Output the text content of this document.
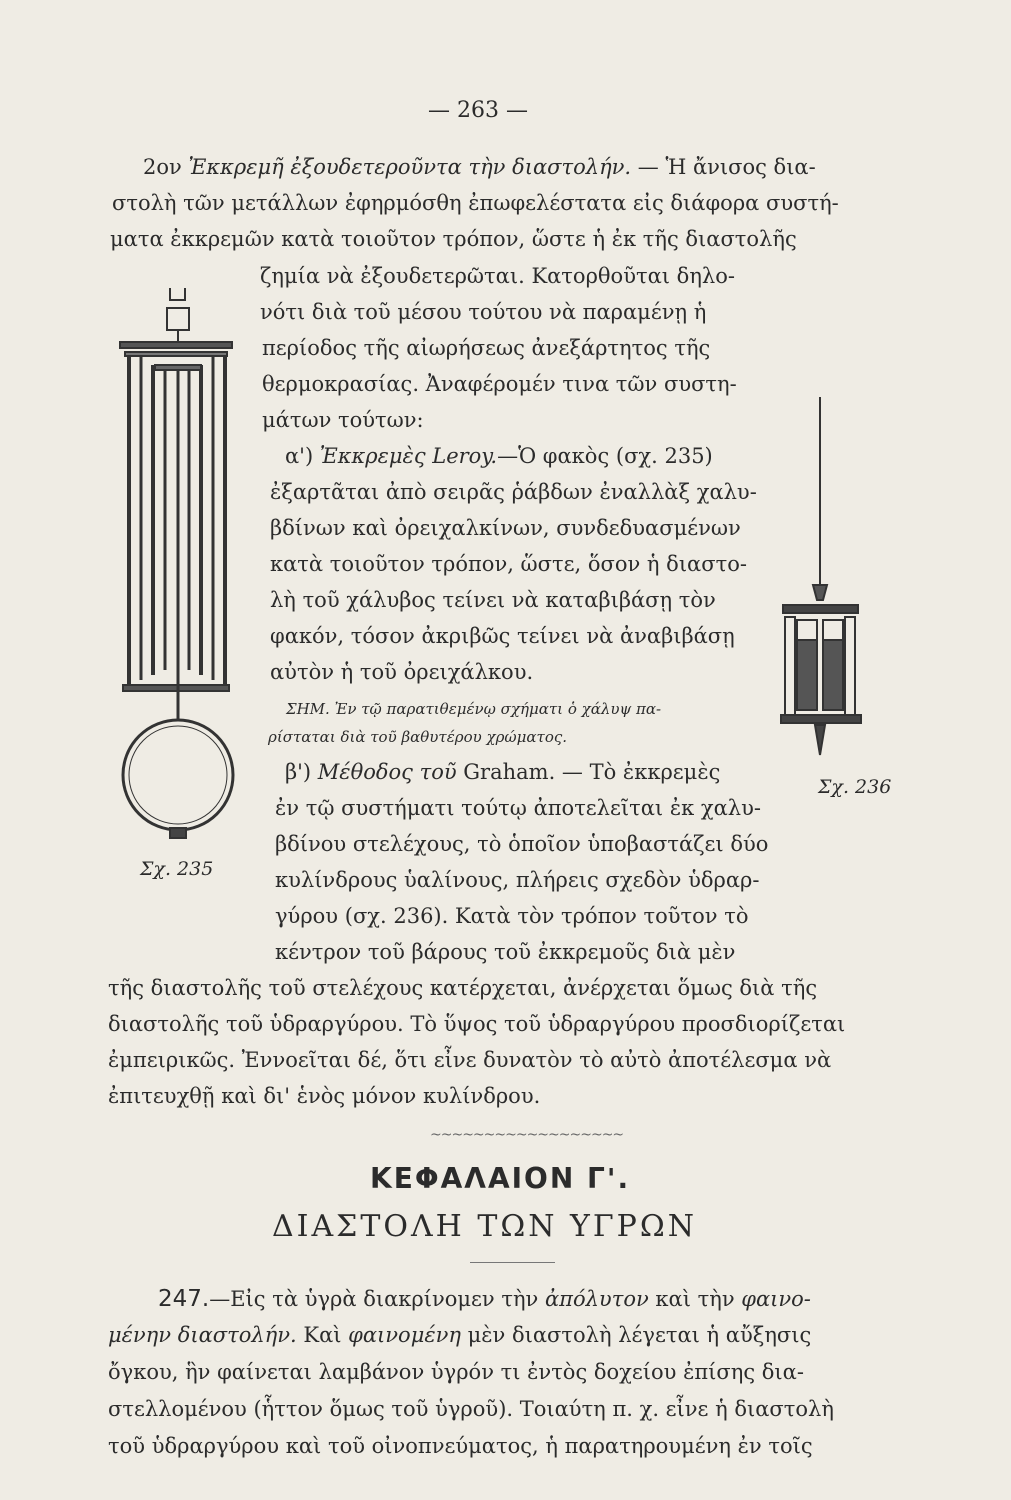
— 263 —
2ον Ἐκκρεμῆ ἐξουδετεροῦντα τὴν διαστολήν. — Ἡ ἄνισος δια-
στολὴ τῶν μετάλλων ἐφηρμόσθη ἐπωφελέστατα εἰς διάφορα συστή-
ματα ἐκκρεμῶν κατὰ τοιοῦτον τρόπον, ὥστε ἡ ἐκ τῆς διαστολῆς
ζημία νὰ ἐξουδετερῶται. Κατορθοῦται δηλο-
νότι διὰ τοῦ μέσου τούτου νὰ παραμένῃ ἡ
περίοδος τῆς αἰωρήσεως ἀνεξάρτητος τῆς
θερμοκρασίας. Ἀναφέρομέν τινα τῶν συστη-
μάτων τούτων:
α') Ἐκκρεμὲς Leroy.—Ὁ φακὸς (σχ. 235)
ἐξαρτᾶται ἀπὸ σειρᾶς ῥάβδων ἐναλλὰξ χαλυ-
βδίνων καὶ ὀρειχαλκίνων, συνδεδυασμένων
κατὰ τοιοῦτον τρόπον, ὥστε, ὅσον ἡ διαστο-
λὴ τοῦ χάλυβος τείνει νὰ καταβιβάσῃ τὸν
φακόν, τόσον ἀκριβῶς τείνει νὰ ἀναβιβάσῃ
αὐτὸν ἡ τοῦ ὀρειχάλκου.
ΣΗΜ. Ἐν τῷ παρατιθεμένῳ σχήματι ὁ χάλυψ πα-
ρίσταται διὰ τοῦ βαθυτέρου χρώματος.
β') Μέθοδος τοῦ Graham. — Τὸ ἐκκρεμὲς
ἐν τῷ συστήματι τούτῳ ἀποτελεῖται ἐκ χαλυ-
βδίνου στελέχους, τὸ ὁποῖον ὑποβαστάζει δύο
κυλίνδρους ὑαλίνους, πλήρεις σχεδὸν ὑδραρ-
γύρου (σχ. 236). Κατὰ τὸν τρόπον τοῦτον τὸ
κέντρον τοῦ βάρους τοῦ ἐκκρεμοῦς διὰ μὲν
τῆς διαστολῆς τοῦ στελέχους κατέρχεται, ἀνέρχεται ὅμως διὰ τῆς
διαστολῆς τοῦ ὑδραργύρου. Τὸ ὕψος τοῦ ὑδραργύρου προσδιορίζεται
ἐμπειρικῶς. Ἐννοεῖται δέ, ὅτι εἶνε δυνατὸν τὸ αὐτὸ ἀποτέλεσμα νὰ
ἐπιτευχθῇ καὶ δι' ἑνὸς μόνον κυλίνδρου.
~~~~~~~~~~~~~~~~~~
ΚΕΦΑΛΑΙΟΝ Γ'.
ΔΙΑΣΤΟΛΗ ΤΩΝ ΥΓΡΩΝ
247.—Εἰς τὰ ὑγρὰ διακρίνομεν τὴν ἀπόλυτον καὶ τὴν φαινο-
μένην διαστολήν. Καὶ φαινομένη μὲν διαστολὴ λέγεται ἡ αὔξησις
ὄγκου, ἣν φαίνεται λαμβάνον ὑγρόν τι ἐντὸς δοχείου ἐπίσης δια-
στελλομένου (ἧττον ὅμως τοῦ ὑγροῦ). Τοιαύτη π. χ. εἶνε ἡ διαστολὴ
τοῦ ὑδραργύρου καὶ τοῦ οἰνοπνεύματος, ἡ παρατηρουμένη ἐν τοῖς
Σχ. 235
Σχ. 236
